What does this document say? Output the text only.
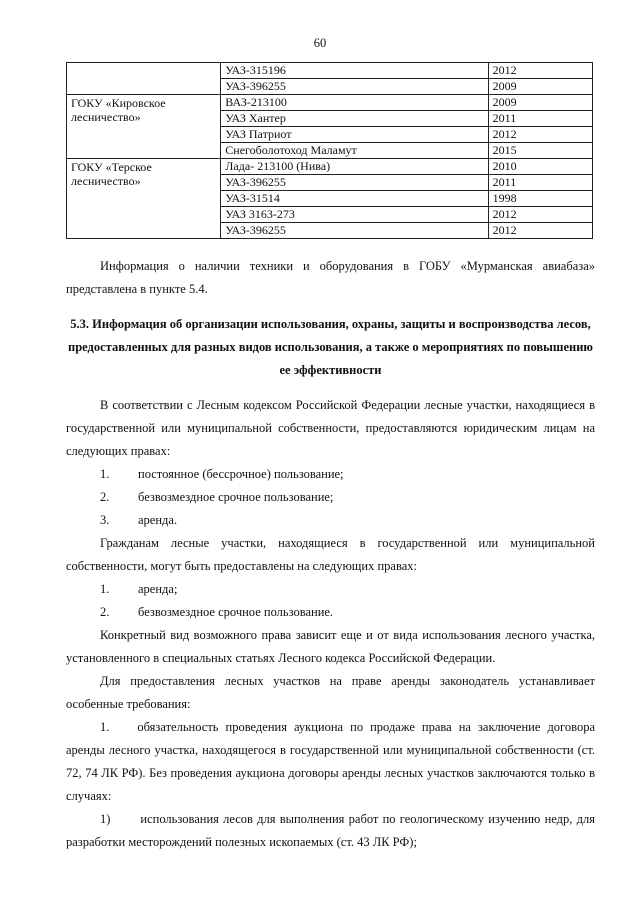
60
	УАЗ-315196	2012
	УАЗ-396255	2009
ГОКУ «Кировское лесничество»	ВАЗ-213100	2009
	УАЗ Хантер	2011
	УАЗ Патриот	2012
	Снегоболотоход Маламут	2015
ГОКУ «Терское лесничество»	Лада- 213100 (Нива)	2010
	УАЗ-396255	2011
	УАЗ-31514	1998
	УАЗ 3163-273	2012
	УАЗ-396255	2012

Информация о наличии техники и оборудования в ГОБУ «Мурманская авиабаза» представлена в пункте 5.4.

5.3. Информация об организации использования, охраны, защиты и воспроизводства лесов, предоставленных для разных видов использования, а также о мероприятиях по повышению ее эффективности

В соответствии с Лесным кодексом Российской Федерации лесные участки, находящиеся в государственной или муниципальной собственности, предоставляются юридическим лицам на следующих правах:

1.	постоянное (бессрочное) пользование;
2.	безвозмездное срочное пользование;
3.	аренда.

Гражданам лесные участки, находящиеся в государственной или муниципальной собственности, могут быть предоставлены на следующих правах:

1.	аренда;
2.	безвозмездное срочное пользование.

Конкретный вид возможного права зависит еще и от вида использования лесного участка, установленного в специальных статьях Лесного кодекса Российской Федерации.

Для предоставления лесных участков на праве аренды законодатель устанавливает особенные требования:

1. обязательность проведения аукциона по продаже права на заключение договора аренды лесного участка, находящегося в государственной или муниципальной собственности (ст. 72, 74 ЛК РФ). Без проведения аукциона договоры аренды лесных участков заключаются только в случаях:

1) использования лесов для выполнения работ по геологическому изучению недр, для разработки месторождений полезных ископаемых (ст. 43 ЛК РФ);
